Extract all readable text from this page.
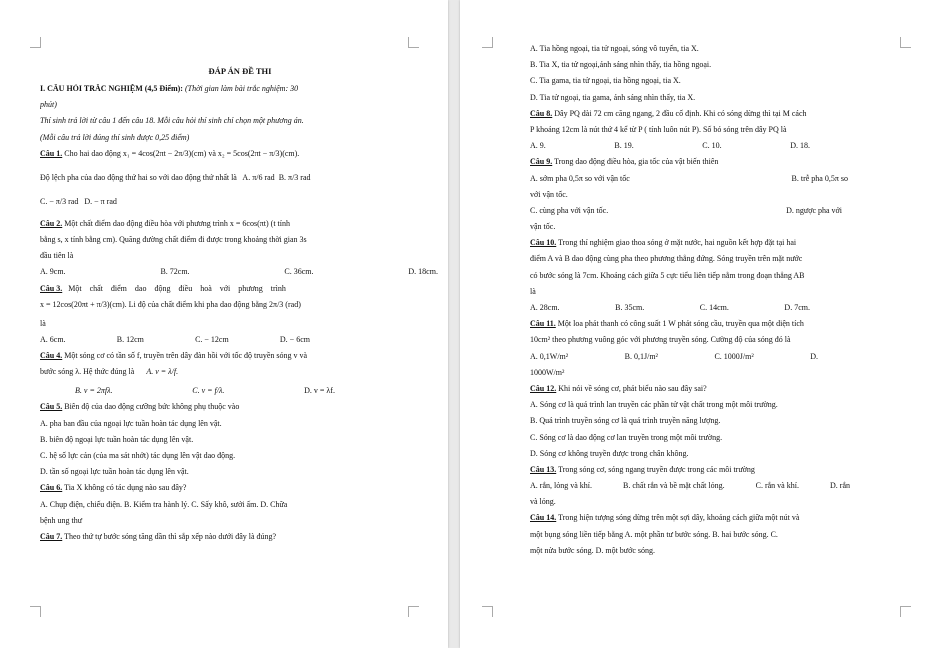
ĐÁP ÁN ĐỀ THI
I. CÂU HỎI TRẮC NGHIỆM (4,5 Điểm): (Thời gian làm bài trắc nghiệm: 30
phút)
Thí sinh trả lời từ câu 1 đến câu 18. Mỗi câu hỏi thí sinh chỉ chọn một phương án.
(Mỗi câu trả lời đúng thí sinh được 0,25 điểm)
Câu 1. Cho hai dao động x₁ = 4cos(2πt − 2π/3)(cm) và x₂ = 5cos(2πt − π/3)(cm).
Độ lệch pha của dao động thứ hai so với dao động thứ nhất là A. π/6 rad B. π/3 rad
C. − π/3 rad D. − π rad
Câu 2. Một chất điểm dao động điều hòa với phương trình x = 6cos(πt) (t tính
bằng s, x tính bằng cm). Quãng đường chất điểm đi được trong khoảng thời gian 3s
đầu tiên là
A. 9cm.	B. 72cm.	C. 36cm.	D. 18cm.
Câu 3. Một chất điểm dao động điều hoà với phương trình
x = 12cos(20πt + π/3)(cm). Li độ của chất điểm khi pha dao động bằng 2π/3 (rad)
là
A. 6cm.	B. 12cm	C. − 12cm	D. − 6cm
Câu 4. Một sóng cơ có tần số f, truyền trên dây đàn hồi với tốc độ truyền sóng v và
bước sóng λ. Hệ thức đúng là A. v = λ/f.
B. v = 2πfλ.	C. v = f/λ.	D. v = λf.
Câu 5. Biên độ của dao động cưỡng bức không phụ thuộc vào
A. pha ban đầu của ngoại lực tuần hoàn tác dụng lên vật.
B. biên độ ngoại lực tuần hoàn tác dụng lên vật.
C. hệ số lực cản (của ma sát nhớt) tác dụng lên vật dao động.
D. tần số ngoại lực tuần hoàn tác dụng lên vật.
Câu 6. Tia X không có tác dụng nào sau đây?
A. Chụp điện, chiếu điện. B. Kiểm tra hành lý. C. Sấy khô, sưởi ấm. D. Chữa
bệnh ung thư
Câu 7. Theo thứ tự bước sóng tăng dần thì sắp xếp nào dưới đây là đúng?
A. Tia hồng ngoại, tia tử ngoại, sóng vô tuyến, tia X.
B. Tia X, tia tử ngoại,ánh sáng nhìn thấy, tia hồng ngoại.
C. Tia gama, tia tử ngoại, tia hồng ngoại, tia X.
D. Tia tử ngoại, tia gama, ánh sáng nhìn thấy, tia X.
Câu 8. Dây PQ dài 72 cm căng ngang, 2 đầu cố định. Khi có sóng dừng thì tại M cách
P khoảng 12cm là nút thứ 4 kể từ P ( tính luôn nút P). Số bó sóng trên dây PQ là
A. 9.	B. 19.	C. 10.	D. 18.
Câu 9. Trong dao động điều hòa, gia tốc của vật biến thiên
A. sớm pha 0,5π so với vận tốc	B. trễ pha 0,5π so
với vận tốc.
C. cùng pha với vận tốc.	D. ngược pha với
vận tốc.
Câu 10. Trong thí nghiệm giao thoa sóng ở mặt nước, hai nguồn kết hợp đặt tại hai
điểm A và B dao động cùng pha theo phương thẳng đứng. Sóng truyền trên mặt nước
có bước sóng là 7cm. Khoảng cách giữa 5 cực tiểu liên tiếp nằm trong đoạn thẳng AB
là
A. 28cm.	B. 35cm.	C. 14cm.	D. 7cm.
Câu 11. Một loa phát thanh có công suất 1 W phát sóng cầu, truyền qua một diện tích
10cm² theo phương vuông góc với phương truyền sóng. Cường độ của sóng đó là
A. 0,1W/m²	B. 0,1J/m²	C. 1000J/m²	D.
1000W/m²
Câu 12. Khi nói về sóng cơ, phát biểu nào sau đây sai?
A. Sóng cơ là quá trình lan truyền các phần tử vật chất trong một môi trường.
B. Quá trình truyền sóng cơ là quá trình truyền năng lượng.
C. Sóng cơ là dao động cơ lan truyền trong một môi trường.
D. Sóng cơ không truyền được trong chân không.
Câu 13. Trong sóng cơ, sóng ngang truyền được trong các môi trường
A. rắn, lỏng và khí.	B. chất rắn và bề mặt chất lỏng.	C. rắn và khí.	D. rắn
và lỏng.
Câu 14. Trong hiện tượng sóng dừng trên một sợi dây, khoảng cách giữa một nút và
một bụng sóng liền tiếp bằng A. một phần tư bước sóng. B. hai bước sóng. C.
một nửa bước sóng. D. một bước sóng.
